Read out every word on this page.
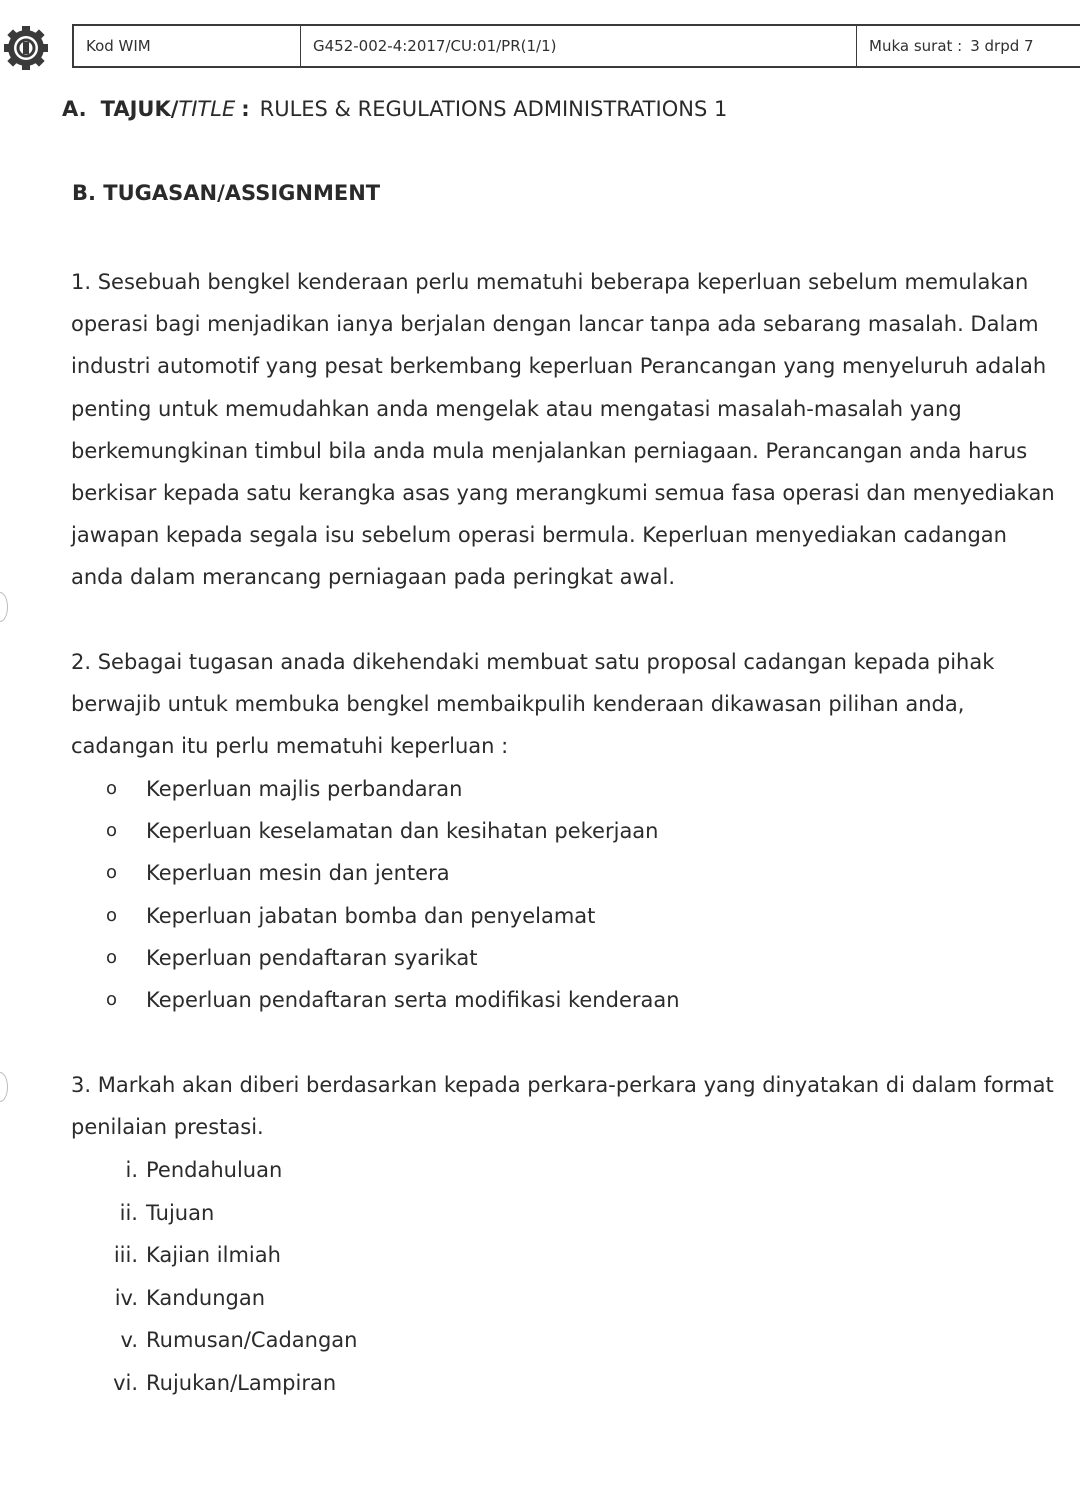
Kod WIM	G452-002-4:2017/CU:01/PR(1/1)	Muka surat : 3 drpd 7
A. TAJUK/TITLE : RULES & REGULATIONS ADMINISTRATIONS 1
B. TUGASAN/ASSIGNMENT

1. Sesebuah bengkel kenderaan perlu mematuhi beberapa keperluan sebelum memulakan operasi bagi menjadikan ianya berjalan dengan lancar tanpa ada sebarang masalah. Dalam industri automotif yang pesat berkembang keperluan Perancangan yang menyeluruh adalah penting untuk memudahkan anda mengelak atau mengatasi masalah-masalah yang berkemungkinan timbul bila anda mula menjalankan perniagaan. Perancangan anda harus berkisar kepada satu kerangka asas yang merangkumi semua fasa operasi dan menyediakan jawapan kepada segala isu sebelum operasi bermula. Keperluan menyediakan cadangan anda dalam merancang perniagaan pada peringkat awal.

2. Sebagai tugasan anada dikehendaki membuat satu proposal cadangan kepada pihak berwajib untuk membuka bengkel membaikpulih kenderaan dikawasan pilihan anda, cadangan itu perlu mematuhi keperluan :

o	Keperluan majlis perbandaran
o	Keperluan keselamatan dan kesihatan pekerjaan
o	Keperluan mesin dan jentera
o	Keperluan jabatan bomba dan penyelamat
o	Keperluan pendaftaran syarikat
o	Keperluan pendaftaran serta modifikasi kenderaan

3. Markah akan diberi berdasarkan kepada perkara-perkara yang dinyatakan di dalam format penilaian prestasi.

i. Pendahuluan
ii. Tujuan
iii. Kajian ilmiah
iv. Kandungan
v. Rumusan/Cadangan
vi. Rujukan/Lampiran
